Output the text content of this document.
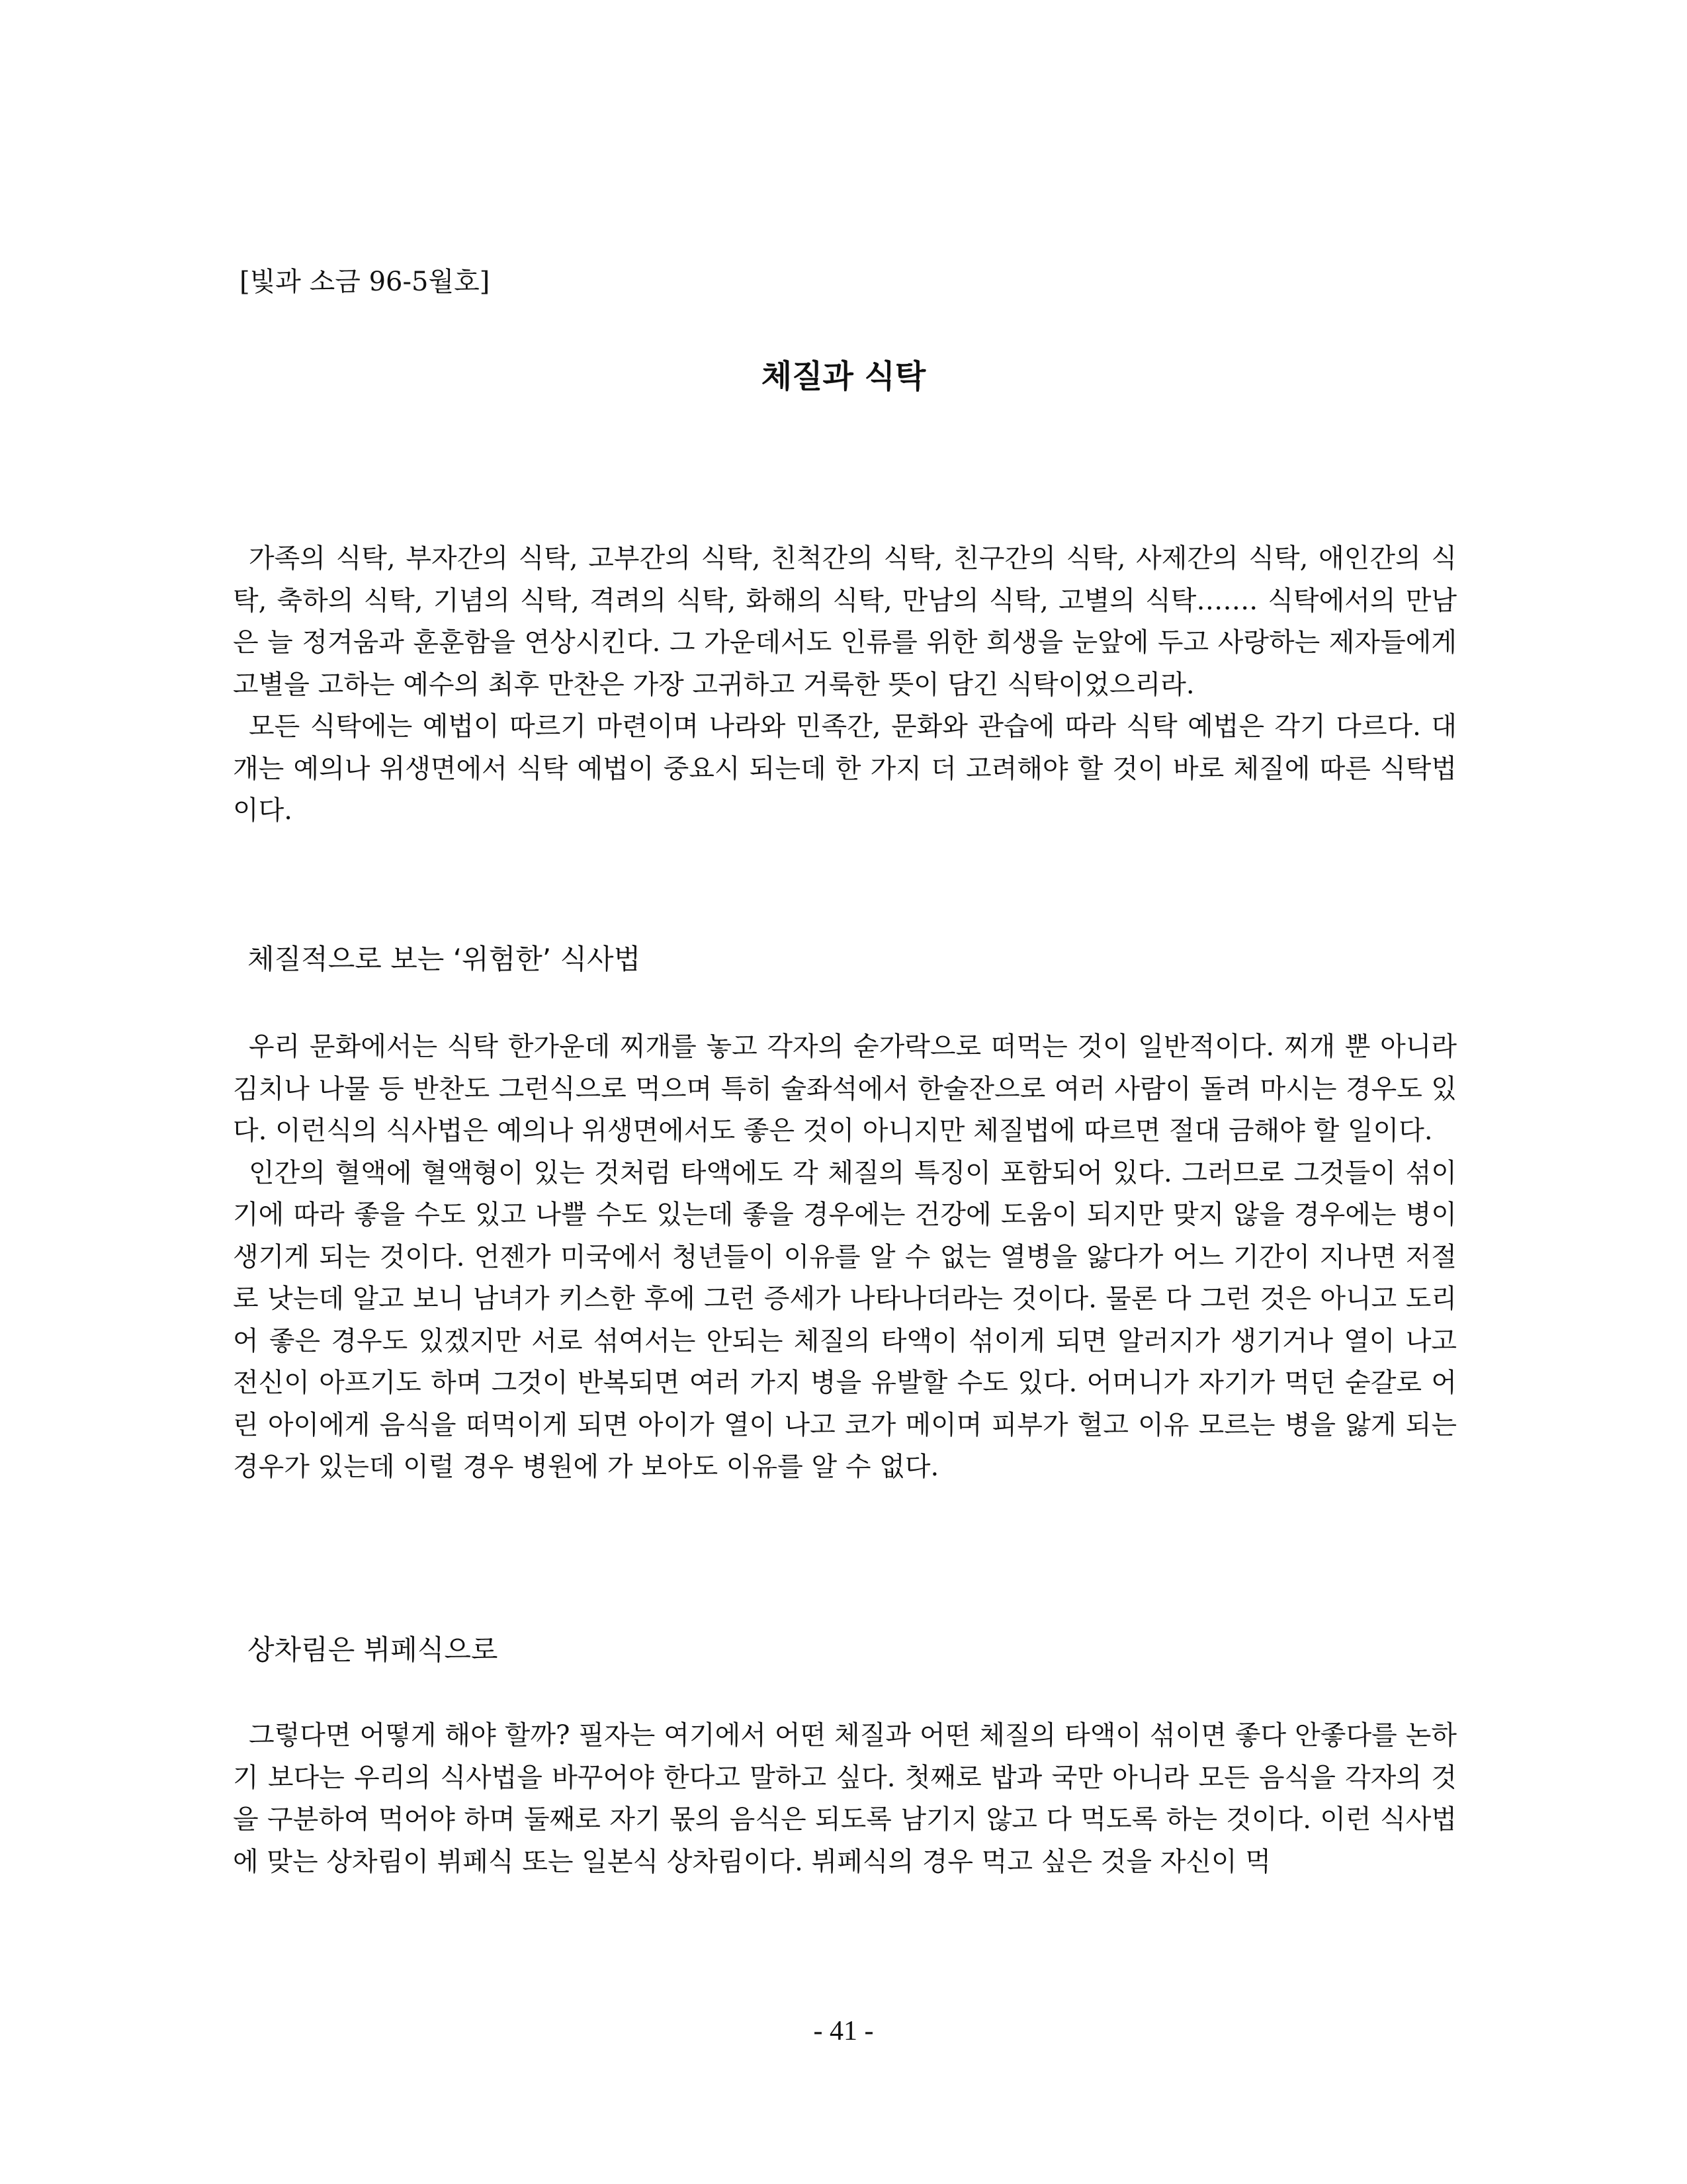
[빛과 소금 96-5월호]
체질과 식탁

가족의 식탁, 부자간의 식탁, 고부간의 식탁, 친척간의 식탁, 친구간의 식탁, 사제간의 식탁, 애인간의 식탁, 축하의 식탁, 기념의 식탁, 격려의 식탁, 화해의 식탁, 만남의 식탁, 고별의 식탁……. 식탁에서의 만남은 늘 정겨움과 훈훈함을 연상시킨다. 그 가운데서도 인류를 위한 희생을 눈앞에 두고 사랑하는 제자들에게 고별을 고하는 예수의 최후 만찬은 가장 고귀하고 거룩한 뜻이 담긴 식탁이었으리라.

모든 식탁에는 예법이 따르기 마련이며 나라와 민족간, 문화와 관습에 따라 식탁 예법은 각기 다르다. 대개는 예의나 위생면에서 식탁 예법이 중요시 되는데 한 가지 더 고려해야 할 것이 바로 체질에 따른 식탁법이다.

체질적으로 보는 ‘위험한’ 식사법

우리 문화에서는 식탁 한가운데 찌개를 놓고 각자의 숟가락으로 떠먹는 것이 일반적이다. 찌개 뿐 아니라 김치나 나물 등 반찬도 그런식으로 먹으며 특히 술좌석에서 한술잔으로 여러 사람이 돌려 마시는 경우도 있다. 이런식의 식사법은 예의나 위생면에서도 좋은 것이 아니지만 체질법에 따르면 절대 금해야 할 일이다.

인간의 혈액에 혈액형이 있는 것처럼 타액에도 각 체질의 특징이 포함되어 있다. 그러므로 그것들이 섞이기에 따라 좋을 수도 있고 나쁠 수도 있는데 좋을 경우에는 건강에 도움이 되지만 맞지 않을 경우에는 병이 생기게 되는 것이다. 언젠가 미국에서 청년들이 이유를 알 수 없는 열병을 앓다가 어느 기간이 지나면 저절로 낫는데 알고 보니 남녀가 키스한 후에 그런 증세가 나타나더라는 것이다. 물론 다 그런 것은 아니고 도리어 좋은 경우도 있겠지만 서로 섞여서는 안되는 체질의 타액이 섞이게 되면 알러지가 생기거나 열이 나고 전신이 아프기도 하며 그것이 반복되면 여러 가지 병을 유발할 수도 있다. 어머니가 자기가 먹던 숟갈로 어린 아이에게 음식을 떠먹이게 되면 아이가 열이 나고 코가 메이며 피부가 헐고 이유 모르는 병을 앓게 되는 경우가 있는데 이럴 경우 병원에 가 보아도 이유를 알 수 없다.

상차림은 뷔페식으로

그렇다면 어떻게 해야 할까? 필자는 여기에서 어떤 체질과 어떤 체질의 타액이 섞이면 좋다 안좋다를 논하기 보다는 우리의 식사법을 바꾸어야 한다고 말하고 싶다. 첫째로 밥과 국만 아니라 모든 음식을 각자의 것을 구분하여 먹어야 하며 둘째로 자기 몫의 음식은 되도록 남기지 않고 다 먹도록 하는 것이다. 이런 식사법에 맞는 상차림이 뷔페식 또는 일본식 상차림이다. 뷔페식의 경우 먹고 싶은 것을 자신이 먹

- 41 -
